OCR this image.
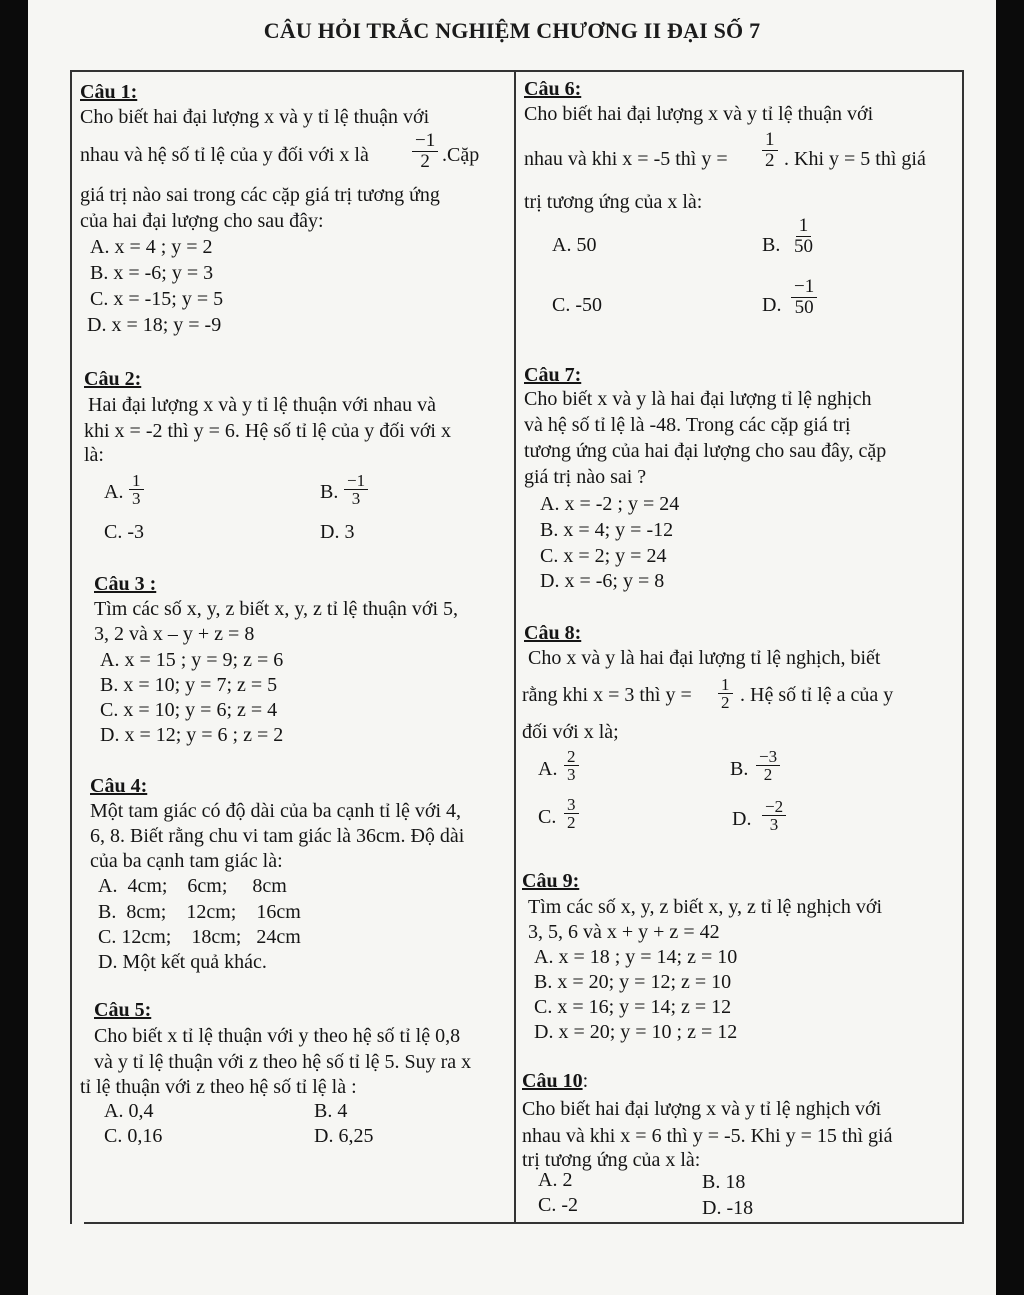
CÂU HỎI TRẮC NGHIỆM CHƯƠNG II ĐẠI SỐ 7
Câu 1:
Cho biết hai đại lượng x và y tỉ lệ thuận với
nhau và hệ số tỉ lệ của y đối với x là $\frac{-1}{2}$ .Cặp
giá trị nào sai trong các cặp giá trị tương ứng
của hai đại lượng cho sau đây:
A. x = 4 ; y = 2
B. x = -6; y = 3
C. x = -15; y = 5
D. x = 18; y = -9
Câu 2:
Hai đại lượng x và y tỉ lệ thuận với nhau và
khi x = -2 thì y = 6. Hệ số tỉ lệ của y đối với x
là:
A. $\frac{1}{3}$	B. $\frac{-1}{3}$
C. -3	D. 3
Câu 3 :
Tìm các số x, y, z biết x, y, z tỉ lệ thuận với 5,
3, 2 và x – y + z = 8
A. x = 15 ; y = 9; z = 6
B. x = 10; y = 7; z = 5
C. x = 10; y = 6; z = 4
D. x = 12; y = 6 ; z = 2
Câu 4:
Một tam giác có độ dài của ba cạnh tỉ lệ với 4,
6, 8. Biết rằng chu vi tam giác là 36cm. Độ dài
của ba cạnh tam giác là:
A.  4cm;    6cm;     8cm
B.  8cm;    12cm;    16cm
C. 12cm;    18cm;   24cm
D. Một kết quả khác.
Câu 5:
Cho biết x tỉ lệ thuận với y theo hệ số tỉ lệ 0,8
và y tỉ lệ thuận với z theo hệ số tỉ lệ 5. Suy ra x
tỉ lệ thuận với z theo hệ số tỉ lệ là :
A. 0,4	B. 4
C. 0,16	D. 6,25
Câu 6:
Cho biết hai đại lượng x và y tỉ lệ thuận với
nhau và khi x = -5 thì $y = \frac{1}{2}$ . Khi y = 5 thì giá
trị tương ứng của x là:
A. 50	B. $\frac{1}{50}$
C. -50	D. $\frac{-1}{50}$
Câu 7:
Cho biết x và y là hai đại lượng tỉ lệ nghịch
và hệ số tỉ lệ là -48. Trong các cặp giá trị
tương ứng của hai đại lượng cho sau đây, cặp
giá trị nào sai ?
A. x = -2 ; y = 24
B. x = 4; y = -12
C. x = 2; y = 24
D. x = -6; y = 8
Câu 8:
Cho x và y là hai đại lượng tỉ lệ nghịch, biết
rằng khi x = 3 thì $y = \frac{1}{2}$ . Hệ số tỉ lệ a của y
đối với x là;
A. $\frac{2}{3}$	B. $\frac{-3}{2}$
C. $\frac{3}{2}$	D. $\frac{-2}{3}$
Câu 9:
Tìm các số x, y, z biết x, y, z tỉ lệ nghịch với
3, 5, 6 và x + y + z = 42
A. x = 18 ; y = 14; z = 10
B. x = 20; y = 12; z = 10
C. x = 16; y = 14; z = 12
D. x = 20; y = 10 ; z = 12
Câu 10:
Cho biết hai đại lượng x và y tỉ lệ nghịch với
nhau và khi x = 6 thì y = -5. Khi y = 15 thì giá
trị tương ứng của x là:
A. 2	B. 18
C. -2	D. -18
